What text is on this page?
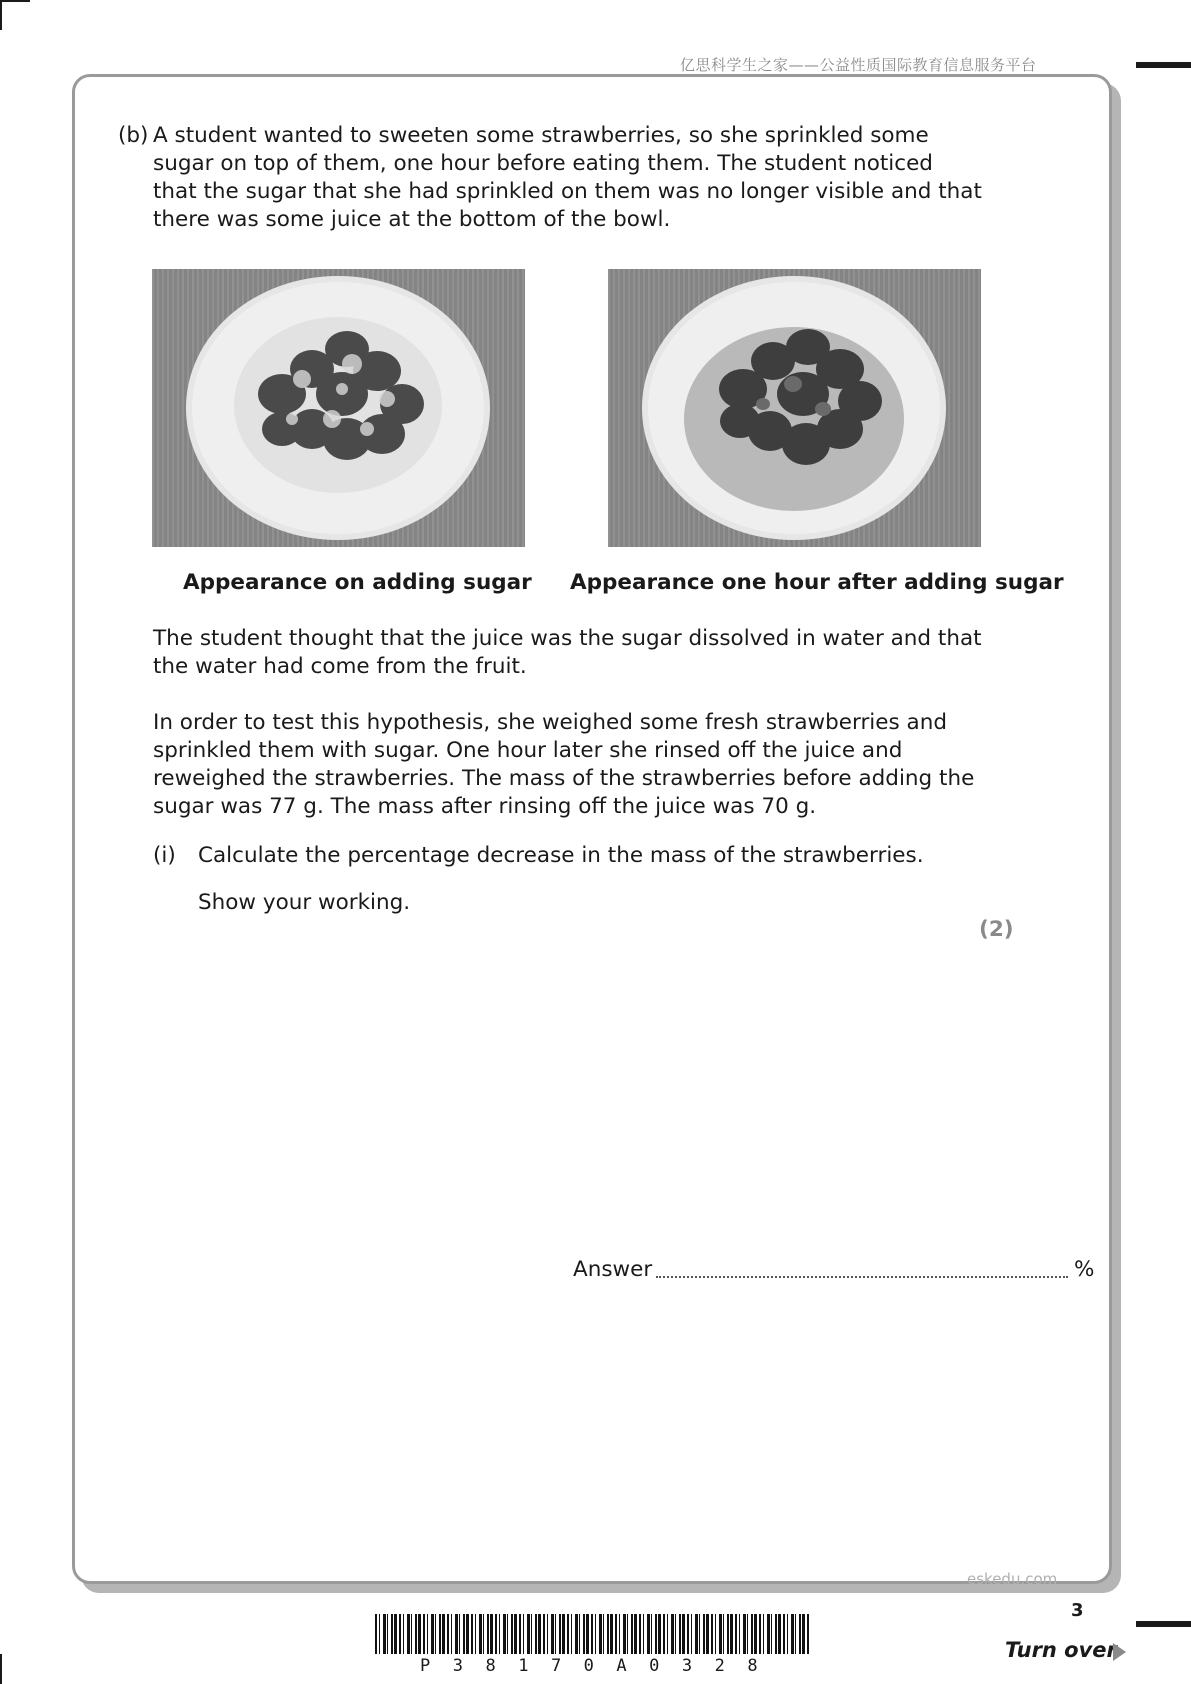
亿思科学生之家——公益性质国际教育信息服务平台
(b) A student wanted to sweeten some strawberries, so she sprinkled some sugar on top of them, one hour before eating them. The student noticed that the sugar that she had sprinkled on them was no longer visible and that there was some juice at the bottom of the bowl.
Appearance on adding sugar Appearance one hour after adding sugar
The student thought that the juice was the sugar dissolved in water and that the water had come from the fruit.
In order to test this hypothesis, she weighed some fresh strawberries and sprinkled them with sugar. One hour later she rinsed off the juice and reweighed the strawberries. The mass of the strawberries before adding the sugar was 77 g. The mass after rinsing off the juice was 70 g.
(i) Calculate the percentage decrease in the mass of the strawberries.
Show your working.
(2)
Answer	%
eskedu.com
3
P38170A0328
Turn over
